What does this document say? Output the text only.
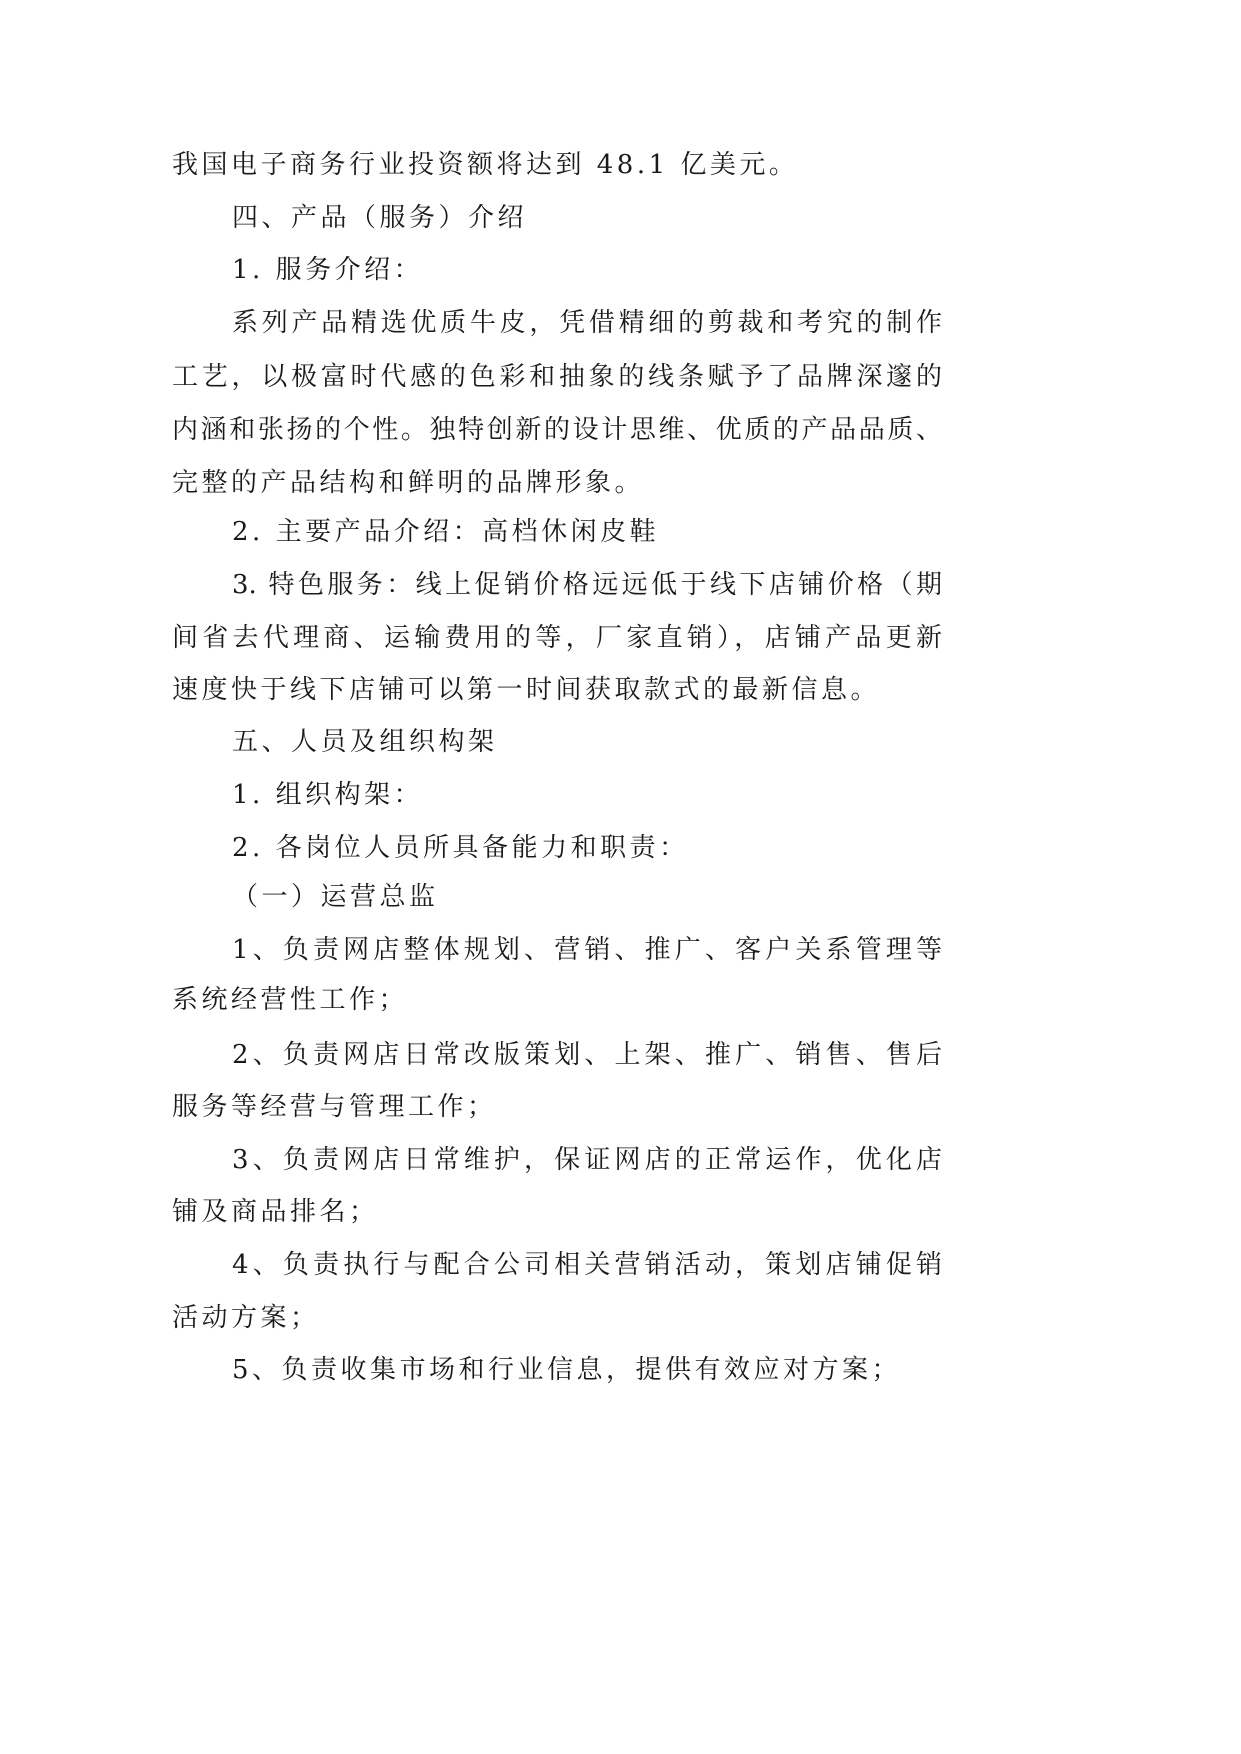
我国电子商务行业投资额将达到 48.1 亿美元。
四、产品（服务）介绍
1. 服务介绍：
系列产品精选优质牛皮，凭借精细的剪裁和考究的制作
工艺，以极富时代感的色彩和抽象的线条赋予了品牌深邃的
内涵和张扬的个性。独特创新的设计思维、优质的产品品质、
完整的产品结构和鲜明的品牌形象。
2. 主要产品介绍：高档休闲皮鞋
3. 特色服务：线上促销价格远远低于线下店铺价格（期
间省去代理商、运输费用的等，厂家直销），店铺产品更新
速度快于线下店铺可以第一时间获取款式的最新信息。
五、人员及组织构架
1. 组织构架：
2. 各岗位人员所具备能力和职责：
（一）运营总监
1、负责网店整体规划、营销、推广、客户关系管理等
系统经营性工作；
2、负责网店日常改版策划、上架、推广、销售、售后
服务等经营与管理工作；
3、负责网店日常维护，保证网店的正常运作，优化店
铺及商品排名；
4、负责执行与配合公司相关营销活动，策划店铺促销
活动方案；
5、负责收集市场和行业信息，提供有效应对方案；
